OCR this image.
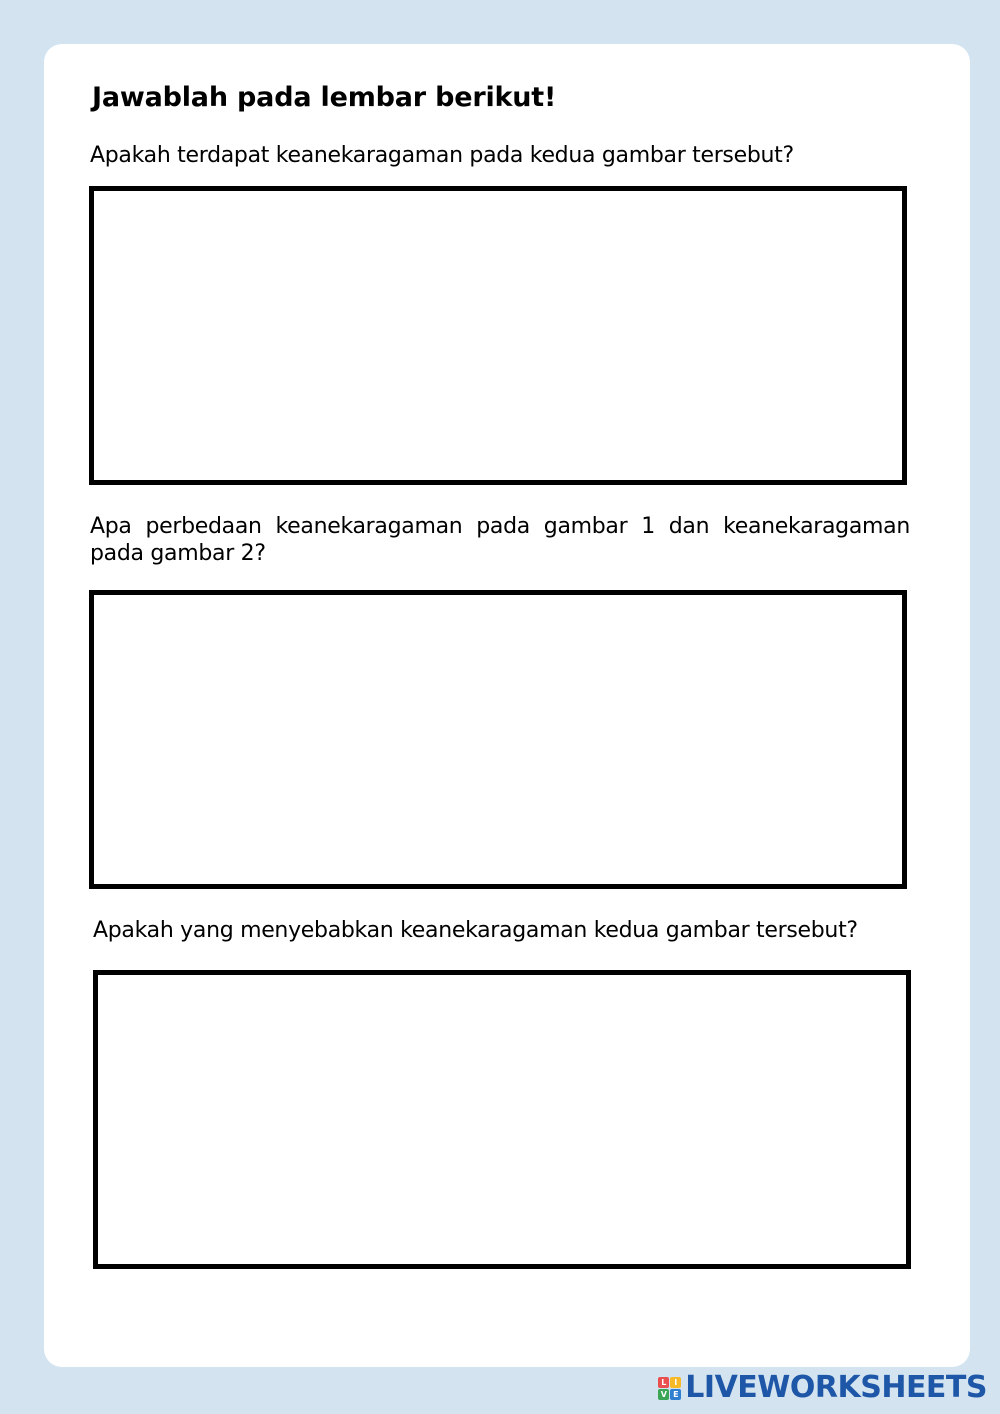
Jawablah pada lembar berikut!
Apakah terdapat keanekaragaman pada kedua gambar tersebut?
Apa perbedaan keanekaragaman pada gambar 1 dan keanekaragaman pada gambar 2?
Apakah yang menyebabkan keanekaragaman kedua gambar tersebut?
L I
V E LIVEWORKSHEETS
